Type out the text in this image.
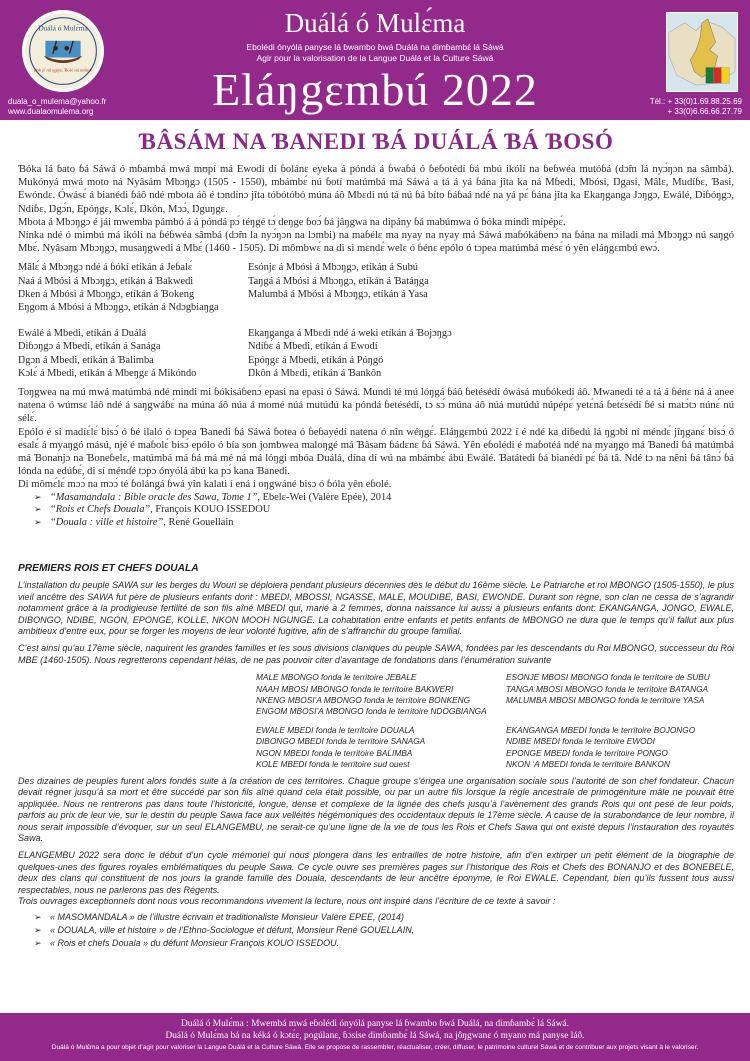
Duálá ó Mulɛ́ma
Ɓok jɛ́ ná ŋgíyɛ, Ɓoló ná mʊ́ndɛ
duala_o_mulema@yahoo.fr
www.dualaomulema.org
Duálá ó Mulɛ́ma
Ebolédi ónyólá panyse lá ɓwambo ɓwá Duálá na dimɓambɛ́ lá Sáwá
Agir pour la valorisation de la Langue Duálá et la Culture Sáwá
Eláŋgɛmbú 2022	Tél.: + 33(0)1.69.88.25.69
+ 33(0)6.66.66.27.79
ƁÂSÁM NA ƁANEDI ƁÁ DUÁLÁ ƁÁ ƁOSÓ

Ɓóka lá ɓato ɓá Sáwá ó mɓambá mwá mʊpí má Ewodí dí ɓolánɛ eyeka á póndá á ɓwaɓá ó ɓeɓotédí ɓá mbú ikólí na ɓeɓwéa mutóɓá (dɔ̃m lá nyɔ́ŋɔn na sâmbá). Mukónyá mwá moto ná Nyâsám Mbɔŋgɔ (1505 - 1550), mbámbɛ́ nú ɓotí matúmbá má Sáwá a tá á yá ɓána jîta ka ná Mɓedi, Mbósi, Ŋgasi, Mâlɛ, Mudíɓɛ, Ɓasi, Ewóndɛ. Ówásɛ́ á bianédi ɓáô ndé mbota áô é tɔndínɔ jîta tóbótóbó múna áô Mbɛdi nú tá nú ɓá bíto ɓáɓaá ndé na yá pɛ́ ɓána jîta ka Ekaŋganga Jɔŋgɔ, Ewálé, Diɓóŋgɔ, Ndíɓɛ, Ŋgɔ́n, Epóŋgɛ, Kɔlɛ́, Ŋkón, Mɔɔ́, Ŋguŋgɛ.

Mbota á Mbɔŋgɔ é jái mwemba pámbó á á póndá pɔ́ téŋgé tɔ́ deŋge ɓoɔ́ ɓá jâŋgwa na dipány ɓá mabúmwa ó ɓóka mindi mípépɛ́.

Nínka ndé ó mimbú má ikólí na ɓéɓwéa sâmbá (dɔ̃m la nyɔ́ŋɔn na lɔmbi) na maɓélɛ ma nyay na nyay má Sáwá maɓókáɓenɔ́ na ɓána na miladi má Mbɔŋgɔ nú saŋgó Mbɛ́. Nyâsam Mbɔŋgɔ, musaŋgwedi á Mbɛ́ (1460 - 1505). Di mômbwɛ́ na di si mɛndɛ́ welɛ ó ɓénɛ epólo ó tɔpea matúmbá mésɛ́ ó yên eláŋgɛmbú ewɔ́.

Mâlɛ́ á Mbɔŋgɔ ndé á ɓókí etíkán á Jeɓalɛ́	Esónjɛ á Mbósi á Mbɔŋgɔ, etíkán á Subú
Naá á Mbósi á Mbɔŋgɔ, etíkán á Ɓakwedi	Taŋgá á Mbósi á Mbɔŋgɔ, etíkán á Ɓatáŋga
Ŋken á Mbósi á Mbɔŋgɔ, etíkán á Ɓokeng	Malumbá á Mbósi á Mbɔŋgɔ, etíkán á Yasa
Eŋgom á Mbósi á Mbɔŋgɔ, etíkán á Ndɔgbiaŋga
Ewálé á Mbedi, etíkán á Duálá	Ekaŋganga á Mbɛdi ndé á weki etíkán á Ɓojɔŋgɔ
Diɓɔŋgɔ á Mbedi, etíkán á Sanága	Ndíɓɛ́ á Mbedi, etíkán á Ewodí
Ŋgɔn á Mbedi, etíkán á Ɓalimba	Epóŋgɛ á Mbedi, etíkán á Póŋgó
Kɔlɛ́ á Mbedi, etíkán á Mbeŋgɛ á Mikóndo	Ŋkôn á Mbɛdi, etíkán á Ɓankôn

Toŋgwea na mú mwá matúmbá ndé mindi mi ɓókisáɓenɔ́ epasi na epasi ó Sáwá. Mundi té mú lóŋgá ɓáô ɓetésédí ówásá muɓókedi áô. Mwanedi té a tá á ɓénɛ ná á anee natena ó wúmsɛ láô ndé á saŋgwáɓɛ́ na múna áô núa á momé núá mutúdú ka póndá ɓetésédí, tɔ sɔ́ múna áô núá mutúdú núpépɛ́ yetɛ́ná ɓetɛ́sédí ɓé si matɔ́tɔ núnɛ́ nú sélɛ́.

Epólo é si madíɛ́lɛ́ bisɔ́ ó ɓé ilaló ó tɔpea Ɓanedi ɓá Sáwá ɓotea ó ɓeɓayédí natena ó nîn wéŋgɛ́. Eláŋgɛmbú 2022 í é ndé ka diɓedú lá ŋgɔbi ní méndɛ́ jîŋganɛ́ bisɔ́ ó esalɛ́ á myaŋgó mású, njé é maɓolɛ́ bisɔ́ epólo ó bía son jombwea maloŋgé má Ɓâsam ɓádɛnɛ ɓá Sáwá. Yên eɓolédi é maɓotéá ndé na myaŋgo má Ɓanedi ɓá matúmbá má Ɓonanjɔ na Ɓoneɓelɛ, matúmbá má ɓá má mé ná má lóŋgi mbóa Duálá, dína dí wú na mbámbɛ́ ábú Ewálé. Ɓatátedi ɓá bianédi pɛ́ ɓá tâ. Ndé tɔ na nêni ɓá tânɔ́ ɓá lónda na edúɓɛ́, di sí ménɗé tɔpɔ ónyólá ábú ka pɔ́ kana Ɓanedi.

Di mômɛ́lɛ́ mɔɔ́ na mɔɔ́ té ɓolángá ɓwá yîn kalati í ená í oŋgwáné bisɔ ó ɓóla yên eɓolé.

➢ “Masamandala : Bible oracle des Sawa, Tome 1”, Ebelɛ-Wei (Valère Epée), 2014
➢ “Rois et Chefs Douala”, François KOUO ISSEDOU
➢ “Douala : ville et histoire”, René Gouellain
PREMIERS ROIS ET CHEFS DOUALA

L’installation du peuple SAWA sur les berges du Wouri se déploiera pendant plusieurs décennies dès le début du 16ème siècle. Le Patriarche et roi MBONGO (1505-1550), le plus vieil ancêtre des SAWA fut père de plusieurs enfants dont : MBEDI, MBOSSI, NGASSE, MALE, MOUDIBE, BASI, EWONDE. Durant son règne, son clan ne cessa de s’agrandir notamment grâce à la prodigieuse fertilité de son fils aîné MBEDI qui, marié à 2 femmes, donna naissance lui aussi à plusieurs enfants dont: EKANGANGA, JONGO, EWALE, DIBONGO, NDIBE, NGON, EPONGE, KOLLE, NKON MOOH NGUNGE. La cohabitation entre enfants et petits enfants de MBONGO ne dura que le temps qu’il fallut aux plus ambitieux d’entre eux, pour se forger les moyens de leur volonté fugitive, afin de s’affranchir du groupe familial.

C’est ainsi qu’au 17ème siècle, naquirent les grandes familles et les sous divisions claniques du peuple SAWA, fondées par les descendants du Roi MBONGO, successeur du Roi MBE (1460-1505). Nous regretterons cependant hélas, de ne pas pouvoir citer d’avantage de fondations dans l’énumération suivante

MALE MBONGO fonda le territoire JEBALE	ESONJE MBOSI MBONGO fonda le territoire de SUBU
NAAH MBOSI MBONGO fonda le territoire BAKWERI	TANGA MBOSI MBONGO fonda le territoire BATANGA
NKENG MBOSI’A MBONGO fonda le territoire BONKENG	MALUMBA MBOSI MBONGO fonda le territoire YASA
ENGOM MBOSI’A MBONGO fonda le territoire NDOGBIANGA
EWALE MBEDI fonda le territoire DOUALA	EKANGANGA MBEDI fonda le territoire BOJONGO
DIBONGO MBEDI fonda le territoire SANAGA	NDIBE MBEDI fonda le territoire EWODI
NGON MBEDI fonda le territoire BALIMBA	EPONGE MBEDI fonda le territoire PONGO
KOLE MBEDI fonda le territoire sud ouest	NKON ‘A MBEDI fonda le territoire BANKON

Des dizaines de peuples furent alors fondés suite à la création de ces territoires. Chaque groupe s’érigea une organisation sociale sous l’autorité de son chef fondateur. Chacun devait régner jusqu’à sa mort et être succédé par son fils aîné quand cela était possible, ou par un autre fils lorsque la règle ancestrale de primogéniture mâle ne pouvait être appliquée. Nous ne rentrerons pas dans toute l’historicité, longue, dense et complexe de la lignée des chefs jusqu’à l’avènement des grands Rois qui ont pesé de leur poids, parfois au prix de leur vie, sur le destin du peuple Sawa face aux velléités hégémoniques des occidentaux depuis le 17ème siècle. A cause de la surabondance de leur nombre, il nous serait impossible d’évoquer, sur un seul ELANGEMBU, ne serait-ce qu’une ligne de la vie de tous les Rois et Chefs Sawa qui ont existé depuis l’instauration des royautés Sawa.

ELANGEMBU 2022 sera donc le début d’un cycle mémoriel qui nous plongera dans les entrailles de notre histoire, afin d’en extirper un petit élément de la biographie de quelques-unes des figures royales emblématiques du peuple Sawa. Ce cycle ouvre ses premières pages sur l’historique des Rois et Chefs des BONANJO et des BONEBELE, deux des clans qui constituent de nos jours la grande famille des Douala, descendants de leur ancêtre éponyme, le Roi EWALE. Cependant, bien qu’ils fussent tous aussi respectables, nous ne parlerons pas des Régents.

Trois ouvrages exceptionnels dont nous vous recommandons vivement la lecture, nous ont inspiré dans l’écriture de ce texte à savoir :

➢ « MASOMANDALA » de l’illustre écrivain et traditionaliste Monsieur Valère EPEE, (2014)
➢ « DOUALA, ville et histoire » de l’Ethno-Sociologue et défunt, Monsieur René GOUELLAIN,
➢ « Rois et chefs Douala » du défunt Monsieur François KOUO ISSEDOU.
Duálá ó Mulɛ́ma : Mwembá mwá eɓolédi ónyólá panyse lá ɓwambo ɓwá Duálá, na dimɓambɛ́ lá Sáwá.
Duálá ó Mulɛ́ma bá na kéká ó kɔtɛ́ɛ, pogúlanɛ, ɓɔsise dimɓambɛ́ lá Sáwá, na jôŋgwanɛ ó myano má panyse láô.
Duálá ó Mulɛ́ma a pour objet d’agir pour valoriser la Langue Duálá et la Culture Sáwá. Elle se propose de rassembler, réactualiser, créer, diffuser, le patrimoine culturel Sáwá et de contribuer aux projets visant à le valoriser.
